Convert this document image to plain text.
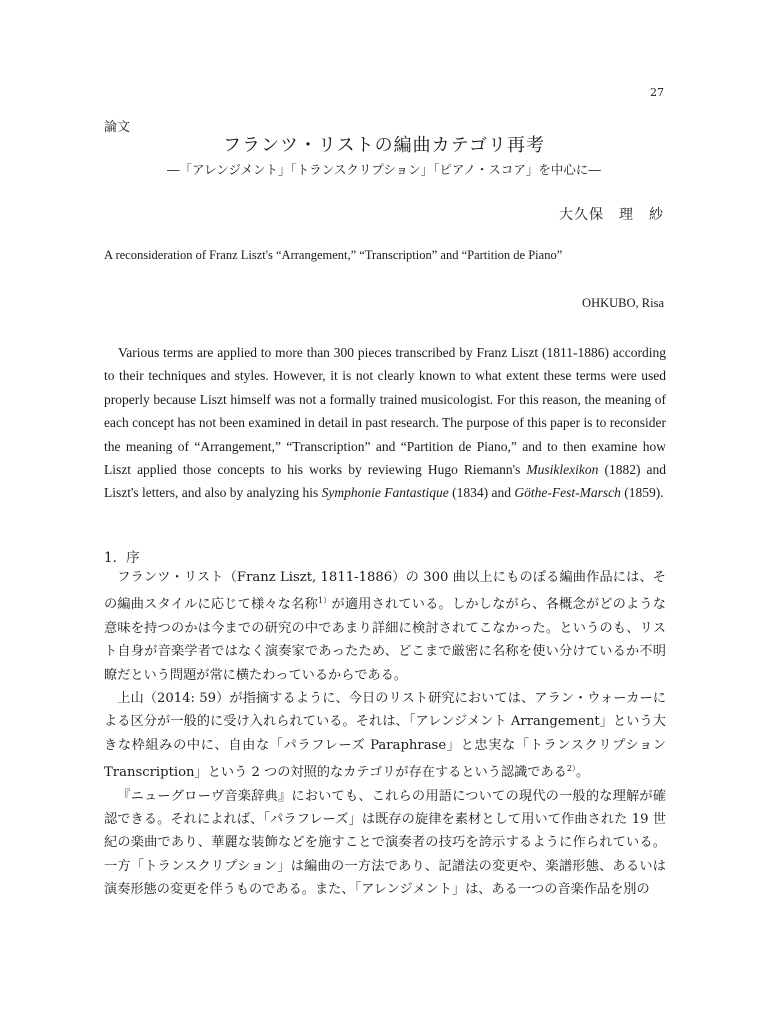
27
論文
フランツ・リストの編曲カテゴリ再考
―「アレンジメント」「トランスクリプション」「ピアノ・スコア」を中心に―
大久保　理　紗
A reconsideration of Franz Liszt's “Arrangement,” “Transcription” and “Partition de Piano”
OHKUBO, Risa

Various terms are applied to more than 300 pieces transcribed by Franz Liszt (1811-1886) according to their techniques and styles. However, it is not clearly known to what extent these terms were used properly because Liszt himself was not a formally trained musicologist. For this reason, the meaning of each concept has not been examined in detail in past research. The purpose of this paper is to reconsider the meaning of “Arrangement,” “Transcription” and “Partition de Piano,” and to then examine how Liszt applied those concepts to his works by reviewing Hugo Riemann's Musiklexikon (1882) and Liszt's letters, and also by analyzing his Symphonie Fantastique (1834) and Göthe-Fest-Marsch (1859).

1．序

フランツ・リスト（Franz Liszt, 1811-1886）の 300 曲以上にものぼる編曲作品には、その編曲スタイルに応じて様々な名称$^{1)}$が適用されている。しかしながら、各概念がどのような意味を持つのかは今までの研究の中であまり詳細に検討されてこなかった。というのも、リスト自身が音楽学者ではなく演奏家であったため、どこまで厳密に名称を使い分けているか不明瞭だという問題が常に横たわっているからである。

上山（2014: 59）が指摘するように、今日のリスト研究においては、アラン・ウォーカーによる区分が一般的に受け入れられている。それは、「アレンジメント Arrangement」という大きな枠組みの中に、自由な「パラフレーズ Paraphrase」と忠実な「トランスクリプション Transcription」という 2 つの対照的なカテゴリが存在するという認識である$^{2)}$。

『ニューグローヴ音楽辞典』においても、これらの用語についての現代の一般的な理解が確認できる。それによれば、「パラフレーズ」は既存の旋律を素材として用いて作曲された 19 世紀の楽曲であり、華麗な装飾などを施すことで演奏者の技巧を誇示するように作られている。一方「トランスクリプション」は編曲の一方法であり、記譜法の変更や、楽譜形態、あるいは演奏形態の変更を伴うものである。また、「アレンジメント」は、ある一つの音楽作品を別の
